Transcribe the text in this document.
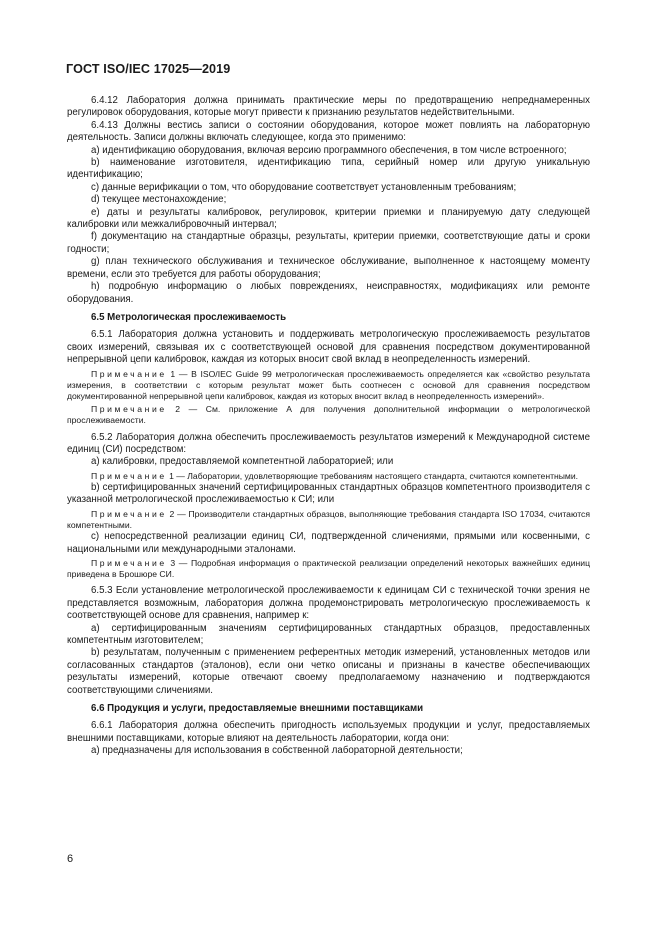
ГОСТ ISO/IEC 17025—2019

6.4.12 Лаборатория должна принимать практические меры по предотвращению непреднамеренных регулировок оборудования, которые могут привести к признанию результатов недействительными.

6.4.13 Должны вестись записи о состоянии оборудования, которое может повлиять на лабораторную деятельность. Записи должны включать следующее, когда это применимо:

a) идентификацию оборудования, включая версию программного обеспечения, в том числе встроенного;

b) наименование изготовителя, идентификацию типа, серийный номер или другую уникальную идентификацию;

c) данные верификации о том, что оборудование соответствует установленным требованиям;

d) текущее местонахождение;

e) даты и результаты калибровок, регулировок, критерии приемки и планируемую дату следующей калибровки или межкалибровочный интервал;

f) документацию на стандартные образцы, результаты, критерии приемки, соответствующие даты и сроки годности;

g) план технического обслуживания и техническое обслуживание, выполненное к настоящему моменту времени, если это требуется для работы оборудования;

h) подробную информацию о любых повреждениях, неисправностях, модификациях или ремонте оборудования.

6.5 Метрологическая прослеживаемость

6.5.1 Лаборатория должна установить и поддерживать метрологическую прослеживаемость результатов своих измерений, связывая их с соответствующей основой для сравнения посредством документированной непрерывной цепи калибровок, каждая из которых вносит свой вклад в неопределенность измерений.

Примечание 1 — В ISO/IEC Guide 99 метрологическая прослеживаемость определяется как «свойство результата измерения, в соответствии с которым результат может быть соотнесен с основой для сравнения посредством документированной непрерывной цепи калибровок, каждая из которых вносит вклад в неопределенность измерений».

Примечание 2 — См. приложение A для получения дополнительной информации о метрологической прослеживаемости.

6.5.2 Лаборатория должна обеспечить прослеживаемость результатов измерений к Международной системе единиц (СИ) посредством:

a) калибровки, предоставляемой компетентной лабораторией; или

Примечание 1 — Лаборатории, удовлетворяющие требованиям настоящего стандарта, считаются компетентными.

b) сертифицированных значений сертифицированных стандартных образцов компетентного производителя с указанной метрологической прослеживаемостью к СИ; или

Примечание 2 — Производители стандартных образцов, выполняющие требования стандарта ISO 17034, считаются компетентными.

c) непосредственной реализации единиц СИ, подтвержденной сличениями, прямыми или косвенными, с национальными или международными эталонами.

Примечание 3 — Подробная информация о практической реализации определений некоторых важнейших единиц приведена в Брошюре СИ.

6.5.3 Если установление метрологической прослеживаемости к единицам СИ с технической точки зрения не представляется возможным, лаборатория должна продемонстрировать метрологическую прослеживаемость к соответствующей основе для сравнения, например к:

a) сертифицированным значениям сертифицированных стандартных образцов, предоставленных компетентным изготовителем;

b) результатам, полученным с применением референтных методик измерений, установленных методов или согласованных стандартов (эталонов), если они четко описаны и признаны в качестве обеспечивающих результаты измерений, которые отвечают своему предполагаемому назначению и подтверждаются соответствующими сличениями.

6.6 Продукция и услуги, предоставляемые внешними поставщиками

6.6.1 Лаборатория должна обеспечить пригодность используемых продукции и услуг, предоставляемых внешними поставщиками, которые влияют на деятельность лаборатории, когда они:

a) предназначены для использования в собственной лабораторной деятельности;

6
